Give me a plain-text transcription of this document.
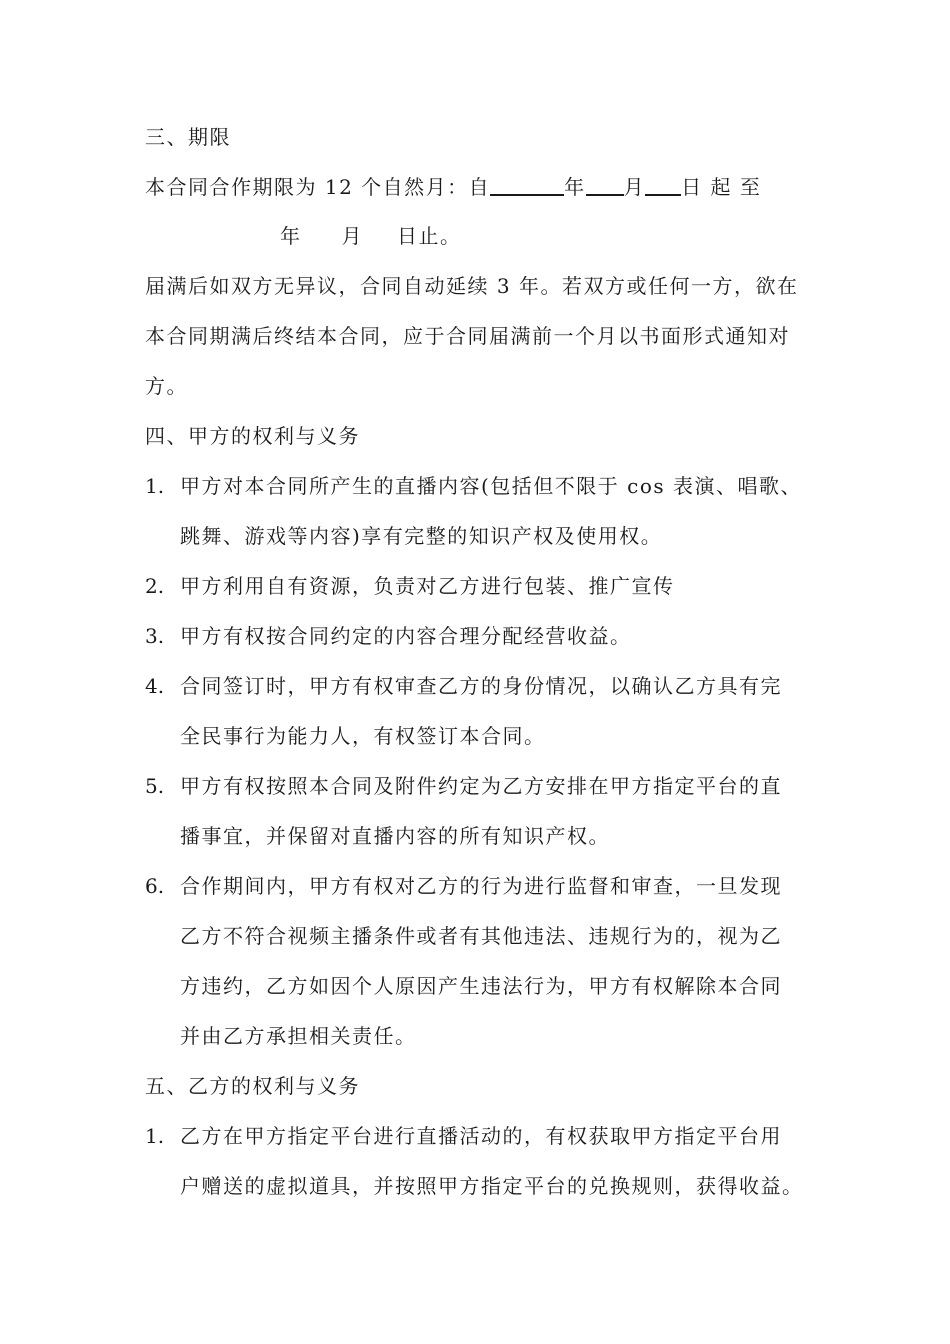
三、期限
本合同合作期限为 12 个自然月：自	年 月 日 起 至
年 月 日止。
届满后如双方无异议，合同自动延续 3 年。若双方或任何一方，欲在
本合同期满后终结本合同，应于合同届满前一个月以书面形式通知对
方。
四、甲方的权利与义务
1. 甲方对本合同所产生的直播内容(包括但不限于 cos 表演、唱歌、
跳舞、游戏等内容)享有完整的知识产权及使用权。
2. 甲方利用自有资源，负责对乙方进行包装、推广宣传
3. 甲方有权按合同约定的内容合理分配经营收益。
4. 合同签订时，甲方有权审查乙方的身份情况，以确认乙方具有完
全民事行为能力人，有权签订本合同。
5. 甲方有权按照本合同及附件约定为乙方安排在甲方指定平台的直
播事宜，并保留对直播内容的所有知识产权。
6. 合作期间内，甲方有权对乙方的行为进行监督和审查，一旦发现
乙方不符合视频主播条件或者有其他违法、违规行为的，视为乙
方违约，乙方如因个人原因产生违法行为，甲方有权解除本合同
并由乙方承担相关责任。
五、乙方的权利与义务
1. 乙方在甲方指定平台进行直播活动的，有权获取甲方指定平台用
户赠送的虚拟道具，并按照甲方指定平台的兑换规则，获得收益。
